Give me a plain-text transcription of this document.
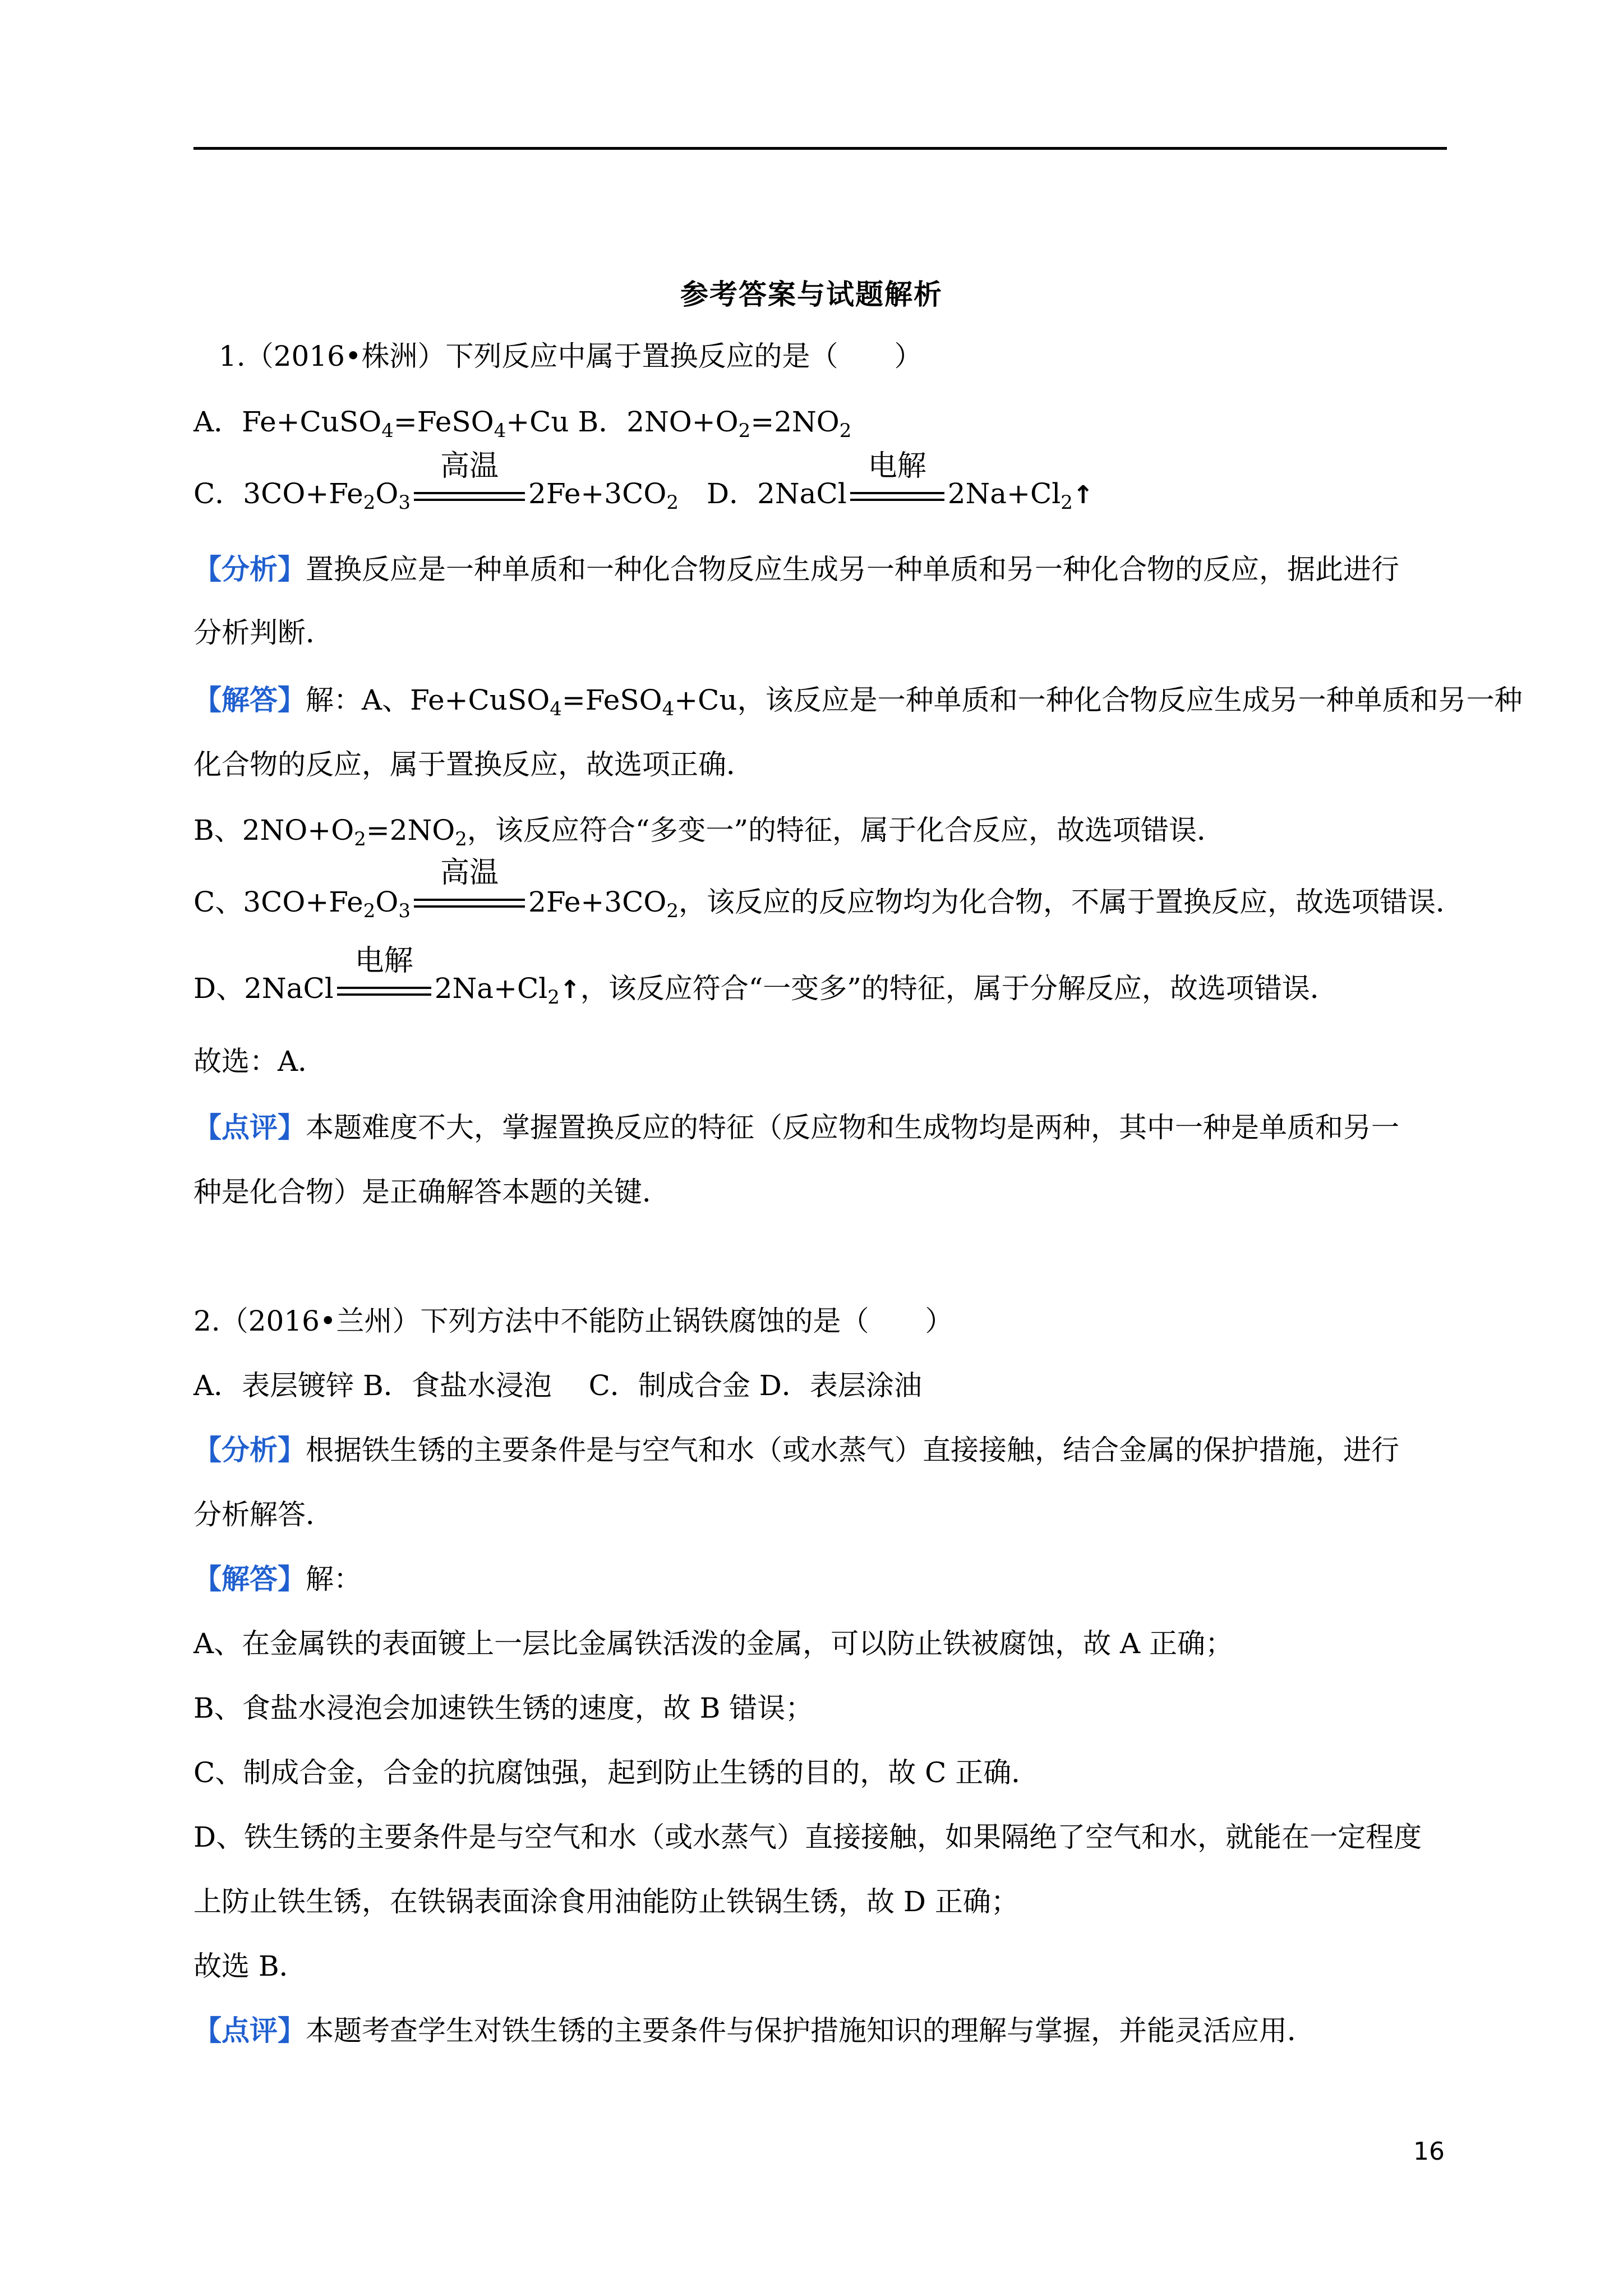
参考答案与试题解析
1.（2016•株洲）下列反应中属于置换反应的是（　　）
A．Fe+CuSO$_4$=FeSO$_4$+Cu B．$2NO+O_2=2NO_2$
C．$3CO+Fe_2O_3$
高温
$2Fe+3CO_2$　 D．2NaCl
电解
$2Na+Cl_2↑$
【分析】置换反应是一种单质和一种化合物反应生成另一种单质和另一种化合物的反应，据此进行
分析判断．
【解答】解：A、Fe+CuSO$_4$=FeSO$_4$+Cu，该反应是一种单质和一种化合物反应生成另一种单质和另一种
化合物的反应，属于置换反应，故选项正确．
B、$2NO+O_2=2NO_2$，该反应符合“多变一”的特征，属于化合反应，故选项错误．
C、$3CO+Fe_2O_3$
高温
$2Fe+3CO_2$，该反应的反应物均为化合物，不属于置换反应，故选项错误．
D、2NaCl
电解
$2Na+Cl_2↑$，该反应符合“一变多”的特征，属于分解反应，故选项错误．
故选：A．
【点评】本题难度不大，掌握置换反应的特征（反应物和生成物均是两种，其中一种是单质和另一
种是化合物）是正确解答本题的关键．
2.（2016•兰州）下列方法中不能防止锅铁腐蚀的是（　　）
A．表层镀锌 B．食盐水浸泡　 C．制成合金 D．表层涂油
【分析】根据铁生锈的主要条件是与空气和水（或水蒸气）直接接触，结合金属的保护措施，进行
分析解答．
【解答】解：
A、在金属铁的表面镀上一层比金属铁活泼的金属，可以防止铁被腐蚀，故 A 正确；
B、食盐水浸泡会加速铁生锈的速度，故 B 错误；
C、制成合金，合金的抗腐蚀强，起到防止生锈的目的，故 C 正确．
D、铁生锈的主要条件是与空气和水（或水蒸气）直接接触，如果隔绝了空气和水，就能在一定程度
上防止铁生锈，在铁锅表面涂食用油能防止铁锅生锈，故 D 正确；
故选 B．
【点评】本题考查学生对铁生锈的主要条件与保护措施知识的理解与掌握，并能灵活应用．
16
